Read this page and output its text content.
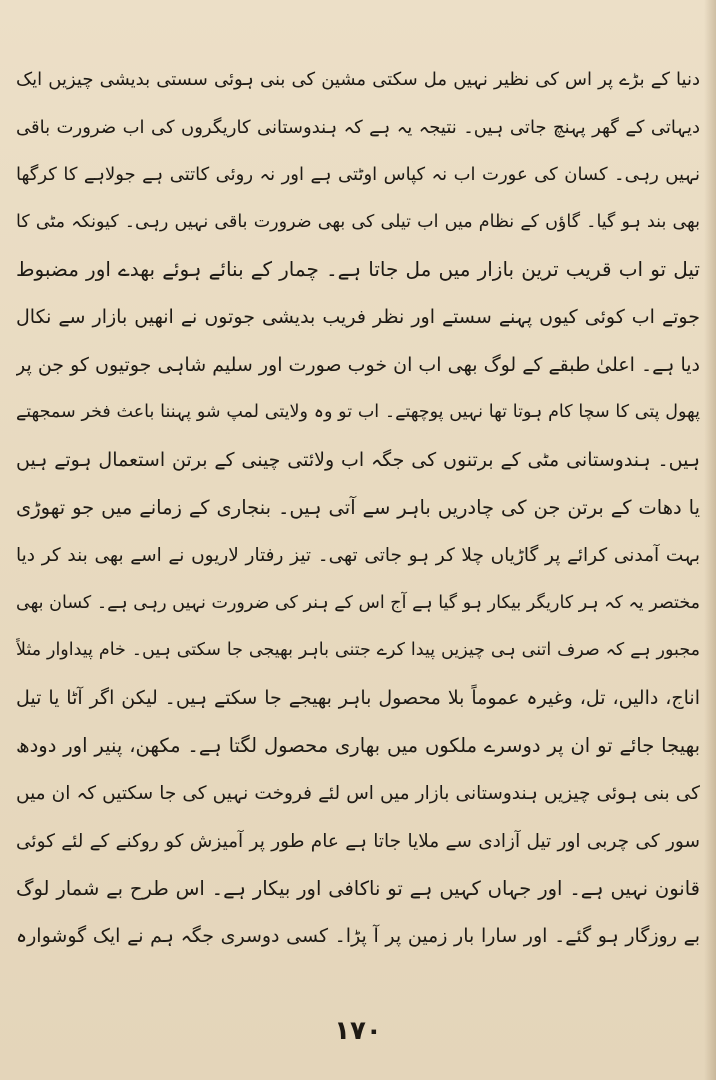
دنیا کے بڑے پر اس کی نظیر نہیں مل سکتی مشین کی بنی ہوئی سستی بدیشی چیزیں ایک
دیہاتی کے گھر پہنچ جاتی ہیں۔ نتیجہ یہ ہے کہ ہندوستانی کاریگروں کی اب ضرورت باقی
نہیں رہی۔ کسان کی عورت اب نہ کپاس اوٹتی ہے اور نہ روئی کاتتی ہے جولاہے کا کرگھا
بھی بند ہو گیا۔ گاؤں کے نظام میں اب تیلی کی بھی ضرورت باقی نہیں رہی۔ کیونکہ مٹی کا
تیل تو اب قریب ترین بازار میں مل جاتا ہے۔ چمار کے بنائے ہوئے بھدے اور مضبوط
جوتے اب کوئی کیوں پہنے سستے اور نظر فریب بدیشی جوتوں نے انھیں بازار سے نکال
دیا ہے۔ اعلیٰ طبقے کے لوگ بھی اب ان خوب صورت اور سلیم شاہی جوتیوں کو جن پر
پھول پتی کا سچا کام ہوتا تھا نہیں پوچھتے۔ اب تو وہ ولایتی لمپ شو پہننا باعث فخر سمجھتے
ہیں۔ ہندوستانی مٹی کے برتنوں کی جگہ اب ولائتی چینی کے برتن استعمال ہوتے ہیں
یا دھات کے برتن جن کی چادریں باہر سے آتی ہیں۔ بنجاری کے زمانے میں جو تھوڑی
بہت آمدنی کرائے پر گاڑیاں چلا کر ہو جاتی تھی۔ تیز رفتار لاریوں نے اسے بھی بند کر دیا
مختصر یہ کہ ہر کاریگر بیکار ہو گیا ہے آج اس کے ہنر کی ضرورت نہیں رہی ہے۔ کسان بھی
مجبور ہے کہ صرف اتنی ہی چیزیں پیدا کرے جتنی باہر بھیجی جا سکتی ہیں۔ خام پیداوار مثلاً
اناج، دالیں، تل، وغیرہ عموماً بلا محصول باہر بھیجے جا سکتے ہیں۔ لیکن اگر آٹا یا تیل
بھیجا جائے تو ان پر دوسرے ملکوں میں بھاری محصول لگتا ہے۔ مکھن، پنیر اور دودھ
کی بنی ہوئی چیزیں ہندوستانی بازار میں اس لئے فروخت نہیں کی جا سکتیں کہ ان میں
سور کی چربی اور تیل آزادی سے ملایا جاتا ہے عام طور پر آمیزش کو روکنے کے لئے کوئی
قانون نہیں ہے۔ اور جہاں کہیں ہے تو ناکافی اور بیکار ہے۔ اس طرح بے شمار لوگ
بے روزگار ہو گئے۔ اور سارا بار زمین پر آ پڑا۔ کسی دوسری جگہ ہم نے ایک گوشوارہ
۱۷۰
